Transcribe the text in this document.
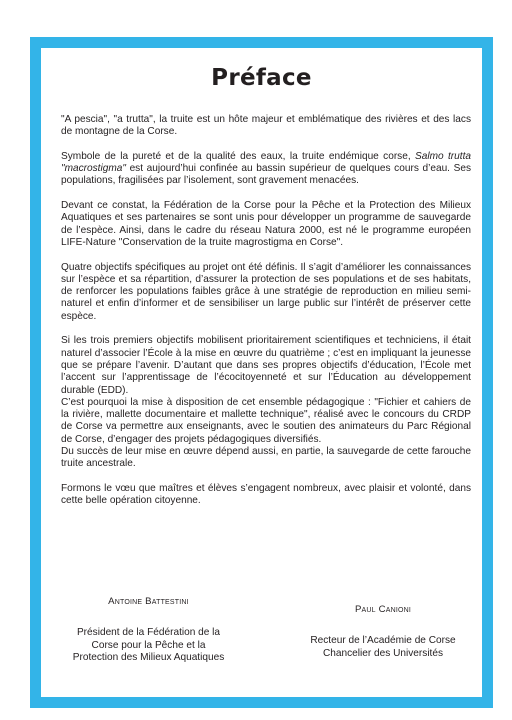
Préface

"A pescia", "a trutta", la truite est un hôte majeur et emblématique des rivières et des lacs de montagne de la Corse.

Symbole de la pureté et de la qualité des eaux, la truite endémique corse, Salmo trutta "macrostigma" est aujourd’hui confinée au bassin supérieur de quelques cours d’eau. Ses populations, fragilisées par l’isolement, sont gravement menacées.

Devant ce constat, la Fédération de la Corse pour la Pêche et la Protection des Milieux Aquatiques et ses partenaires se sont unis pour développer un programme de sauvegarde de l’espèce. Ainsi, dans le cadre du réseau Natura 2000, est né le programme européen LIFE-Nature "Conservation de la truite magrostigma en Corse".

Quatre objectifs spécifiques au projet ont été définis. Il s’agit d’améliorer les connaissances sur l’espèce et sa répartition, d’assurer la protection de ses populations et de ses habitats, de renforcer les populations faibles grâce à une stratégie de reproduction en milieu semi-naturel et enfin d’informer et de sensibiliser un large public sur l’intérêt de préserver cette espèce.

Si les trois premiers objectifs mobilisent prioritairement scientifiques et techniciens, il était naturel d’associer l’École à la mise en œuvre du quatrième ; c’est en impliquant la jeunesse que se prépare l’avenir. D’autant que dans ses propres objectifs d’éducation, l’École met l’accent sur l’apprentissage de l’écocitoyenneté et sur l’Éducation au développement durable (EDD).

C’est pourquoi la mise à disposition de cet ensemble pédagogique : "Fichier et cahiers de la rivière, mallette documentaire et mallette technique", réalisé avec le concours du CRDP de Corse va permettre aux enseignants, avec le soutien des animateurs du Parc Régional de Corse, d’engager des projets pédagogiques diversifiés.

Du succès de leur mise en œuvre dépend aussi, en partie, la sauvegarde de cette farouche truite ancestrale.

Formons le vœu que maîtres et élèves s’engagent nombreux, avec plaisir et volonté, dans cette belle opération citoyenne.

Antoine Battestini
Président de la Fédération de la Corse pour la Pêche et la Protection des Milieux Aquatiques
Paul Canioni
Recteur de l’Académie de Corse Chancelier des Universités
